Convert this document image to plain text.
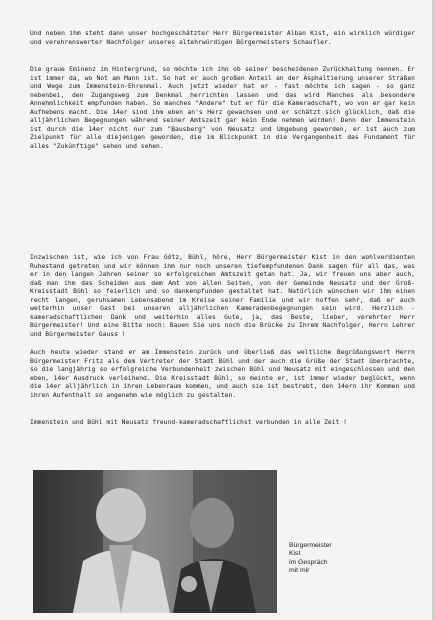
Und neben ihm steht dann unser hochgeschätzter Herr Bürgermeister Alban Kist, ein wirklich würdiger und verehrenswerter Nachfolger unseres altehrwürdigen Bürgermeisters Schaufler.
Die graue Eminenz im Hintergrund, so möchte ich ihn ob seiner bescheidenen Zurückhaltung nennen. Er ist immer da, wo Not am Mann ist. So hat er auch großen Anteil an der Asphaltierung unserer Straßen und Wege zum Immenstein-Ehrenmal. Auch jetzt wieder hat er - fast möchte ich sagen - so ganz nebenbei, den Zugangsweg zum Denkmal herrichten lassen und das wird Manches als besondere Annehmlichkeit empfunden haben. So manches "Andere" tut er für die Kameradschaft, wo von er gar kein Aufhebens macht. Die 14er sind ihm eben an's Herz gewachsen und er schätzt sich glücklich, daß die alljährlichen Begegnungen während seiner Amtszeit gar kein Ende nehmen würden! Denn der Immenstein ist durch die 14er nicht nur zum "Bausberg" von Neusatz und Umgebung geworden, er ist auch zum Zielpunkt für alle diejenigen geworden, die im Blickpunkt in die Vergangenheit das Fundament für alles "Zukünftige" sehen und sehen.
Inzwischen ist, wie ich von Frau Götz, Bühl, höre, Herr Bürgermeister Kist in den wohlverdienten Ruhestand getreten und wir können ihm nur noch unseren tiefempfundenen Dank sagen für all das, was er in den langen Jahren seiner so erfolgreichen Amtszeit getan hat. Ja, wir freuen uns aber auch, daß man ihm das Scheiden aus dem Amt von allen Seiten, von der Gemeinde Neusatz und der Groß-Kreisstadt Bühl so feierlich und so dankenpfunden gestaltet hat. Natürlich wünschen wir ihm einen recht langen, geruhsamen Lebensabend im Kreise seiner Familie und wir hoffen sehr, daß er auch weiterhin unser Gast bei unseren alljährlichen Kameradenbegegnungen sein wird. Herzlich - kameradschaftlichen Dank und weiterhin alles Gute, ja, das Beste, lieber, verehrter Herr Bürgermeister! Und eine Bitte noch: Bauen Sie uns noch die Brücke zu Ihrem Nachfolger, Herrn Lehrer und Bürgermeister Gauss !
Auch heute wieder stand er am Immenstein zurück und überließ das weltliche Begrüßungswort Herrn Bürgermeister Fritz als dem Vertreter der Stadt Bühl und der auch die Grüße der Stadt überbrachte, so die langjährig so erfolgreiche Verbundenheit zwischen Bühl und Neusatz mit eingeschlossen und den eben, 14er Ausdruck verleihend. Die Kreisstadt Bühl, so meinte er, ist immer wieder beglückt, wenn die 14er alljährlich in ihren Lebenraum kommen, und auch sie ist bestrebt, den 14ern ihr Kommen und ihren Aufenthalt so angenehm wie möglich zu gestalten.
Immenstein und Bühl mit Neusatz freund-kameradschaftlichst verbunden in alle Zeit !
Bürgermeister
Kist
im Gespräch
mit mir
